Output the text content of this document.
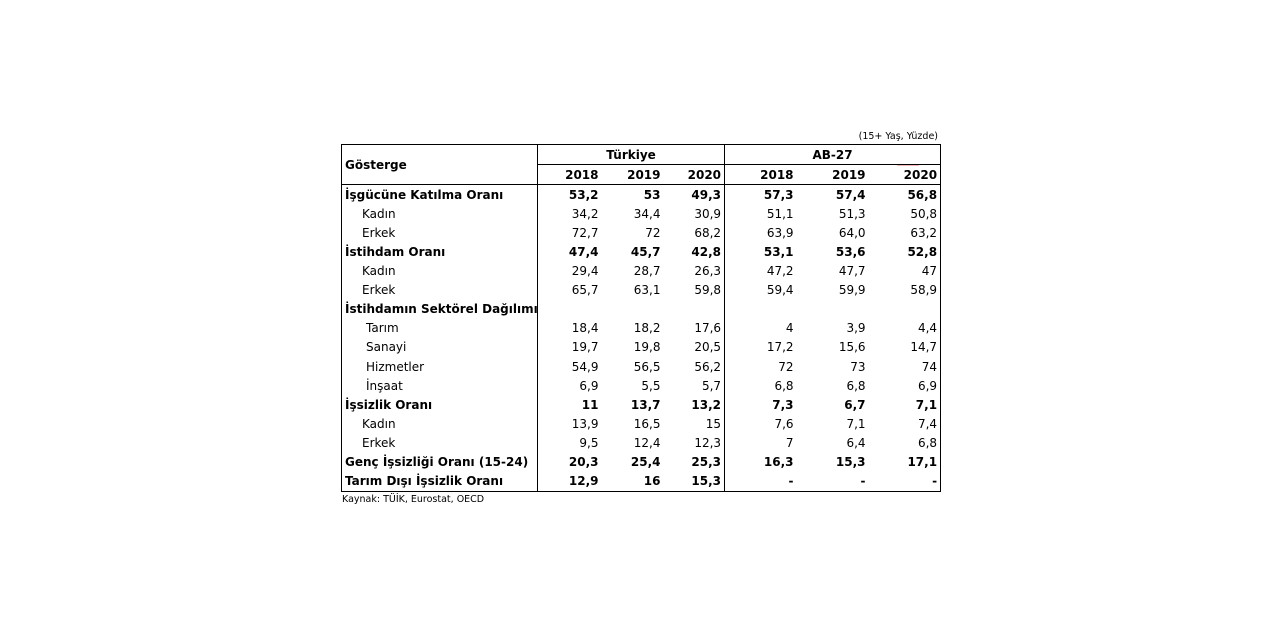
(15+ Yaş, Yüzde)
Gösterge	Türkiye			AB-27		
	2018	2019	2020	2018	2019	2020
İşgücüne Katılma Oranı	53,2	53	49,3	57,3	57,4	56,8
Kadın	34,2	34,4	30,9	51,1	51,3	50,8
Erkek	72,7	72	68,2	63,9	64,0	63,2
İstihdam Oranı	47,4	45,7	42,8	53,1	53,6	52,8
Kadın	29,4	28,7	26,3	47,2	47,7	47
Erkek	65,7	63,1	59,8	59,4	59,9	58,9
İstihdamın Sektörel Dağılımı						
Tarım	18,4	18,2	17,6	4	3,9	4,4
Sanayi	19,7	19,8	20,5	17,2	15,6	14,7
Hizmetler	54,9	56,5	56,2	72	73	74
İnşaat	6,9	5,5	5,7	6,8	6,8	6,9
İşsizlik Oranı	11	13,7	13,2	7,3	6,7	7,1
Kadın	13,9	16,5	15	7,6	7,1	7,4
Erkek	9,5	12,4	12,3	7	6,4	6,8
Genç İşsizliği Oranı (15-24)	20,3	25,4	25,3	16,3	15,3	17,1
Tarım Dışı İşsizlik Oranı	12,9	16	15,3	-	-	-
Kaynak: TÜİK, Eurostat, OECD
